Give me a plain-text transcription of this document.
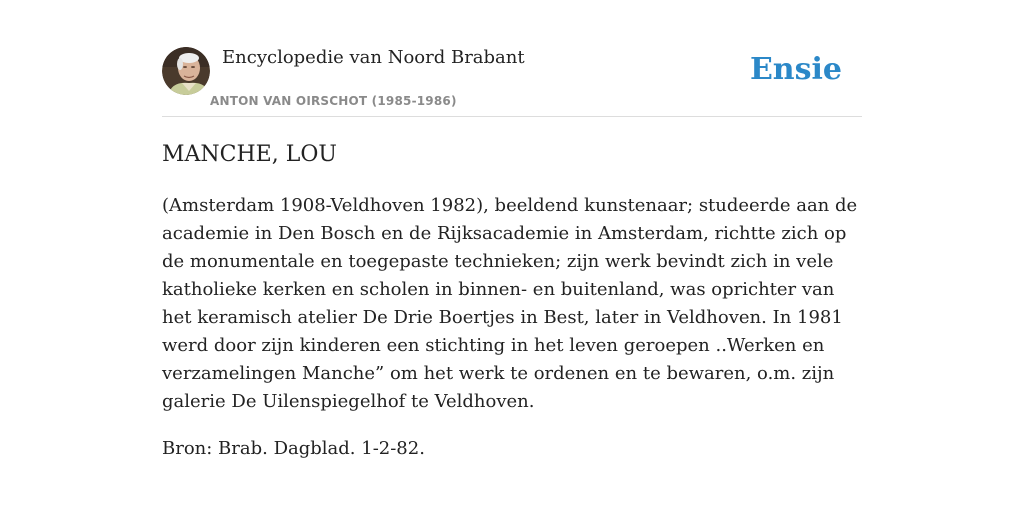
Encyclopedie van Noord Brabant
ANTON VAN OIRSCHOT (1985-1986)
Ensie
MANCHE, LOU

(Amsterdam 1908-Veldhoven 1982), beeldend kunstenaar; studeerde aan de academie in Den Bosch en de Rijksacademie in Amsterdam, richtte zich op de monumentale en toegepaste technieken; zijn werk bevindt zich in vele katholieke kerken en scholen in binnen- en buitenland, was oprichter van het keramisch atelier De Drie Boertjes in Best, later in Veldhoven. In 1981 werd door zijn kinderen een stichting in het leven geroepen ..Werken en verzamelingen Manche” om het werk te ordenen en te bewaren, o.m. zijn galerie De Uilenspiegelhof te Veldhoven.

Bron: Brab. Dagblad. 1-2-82.
